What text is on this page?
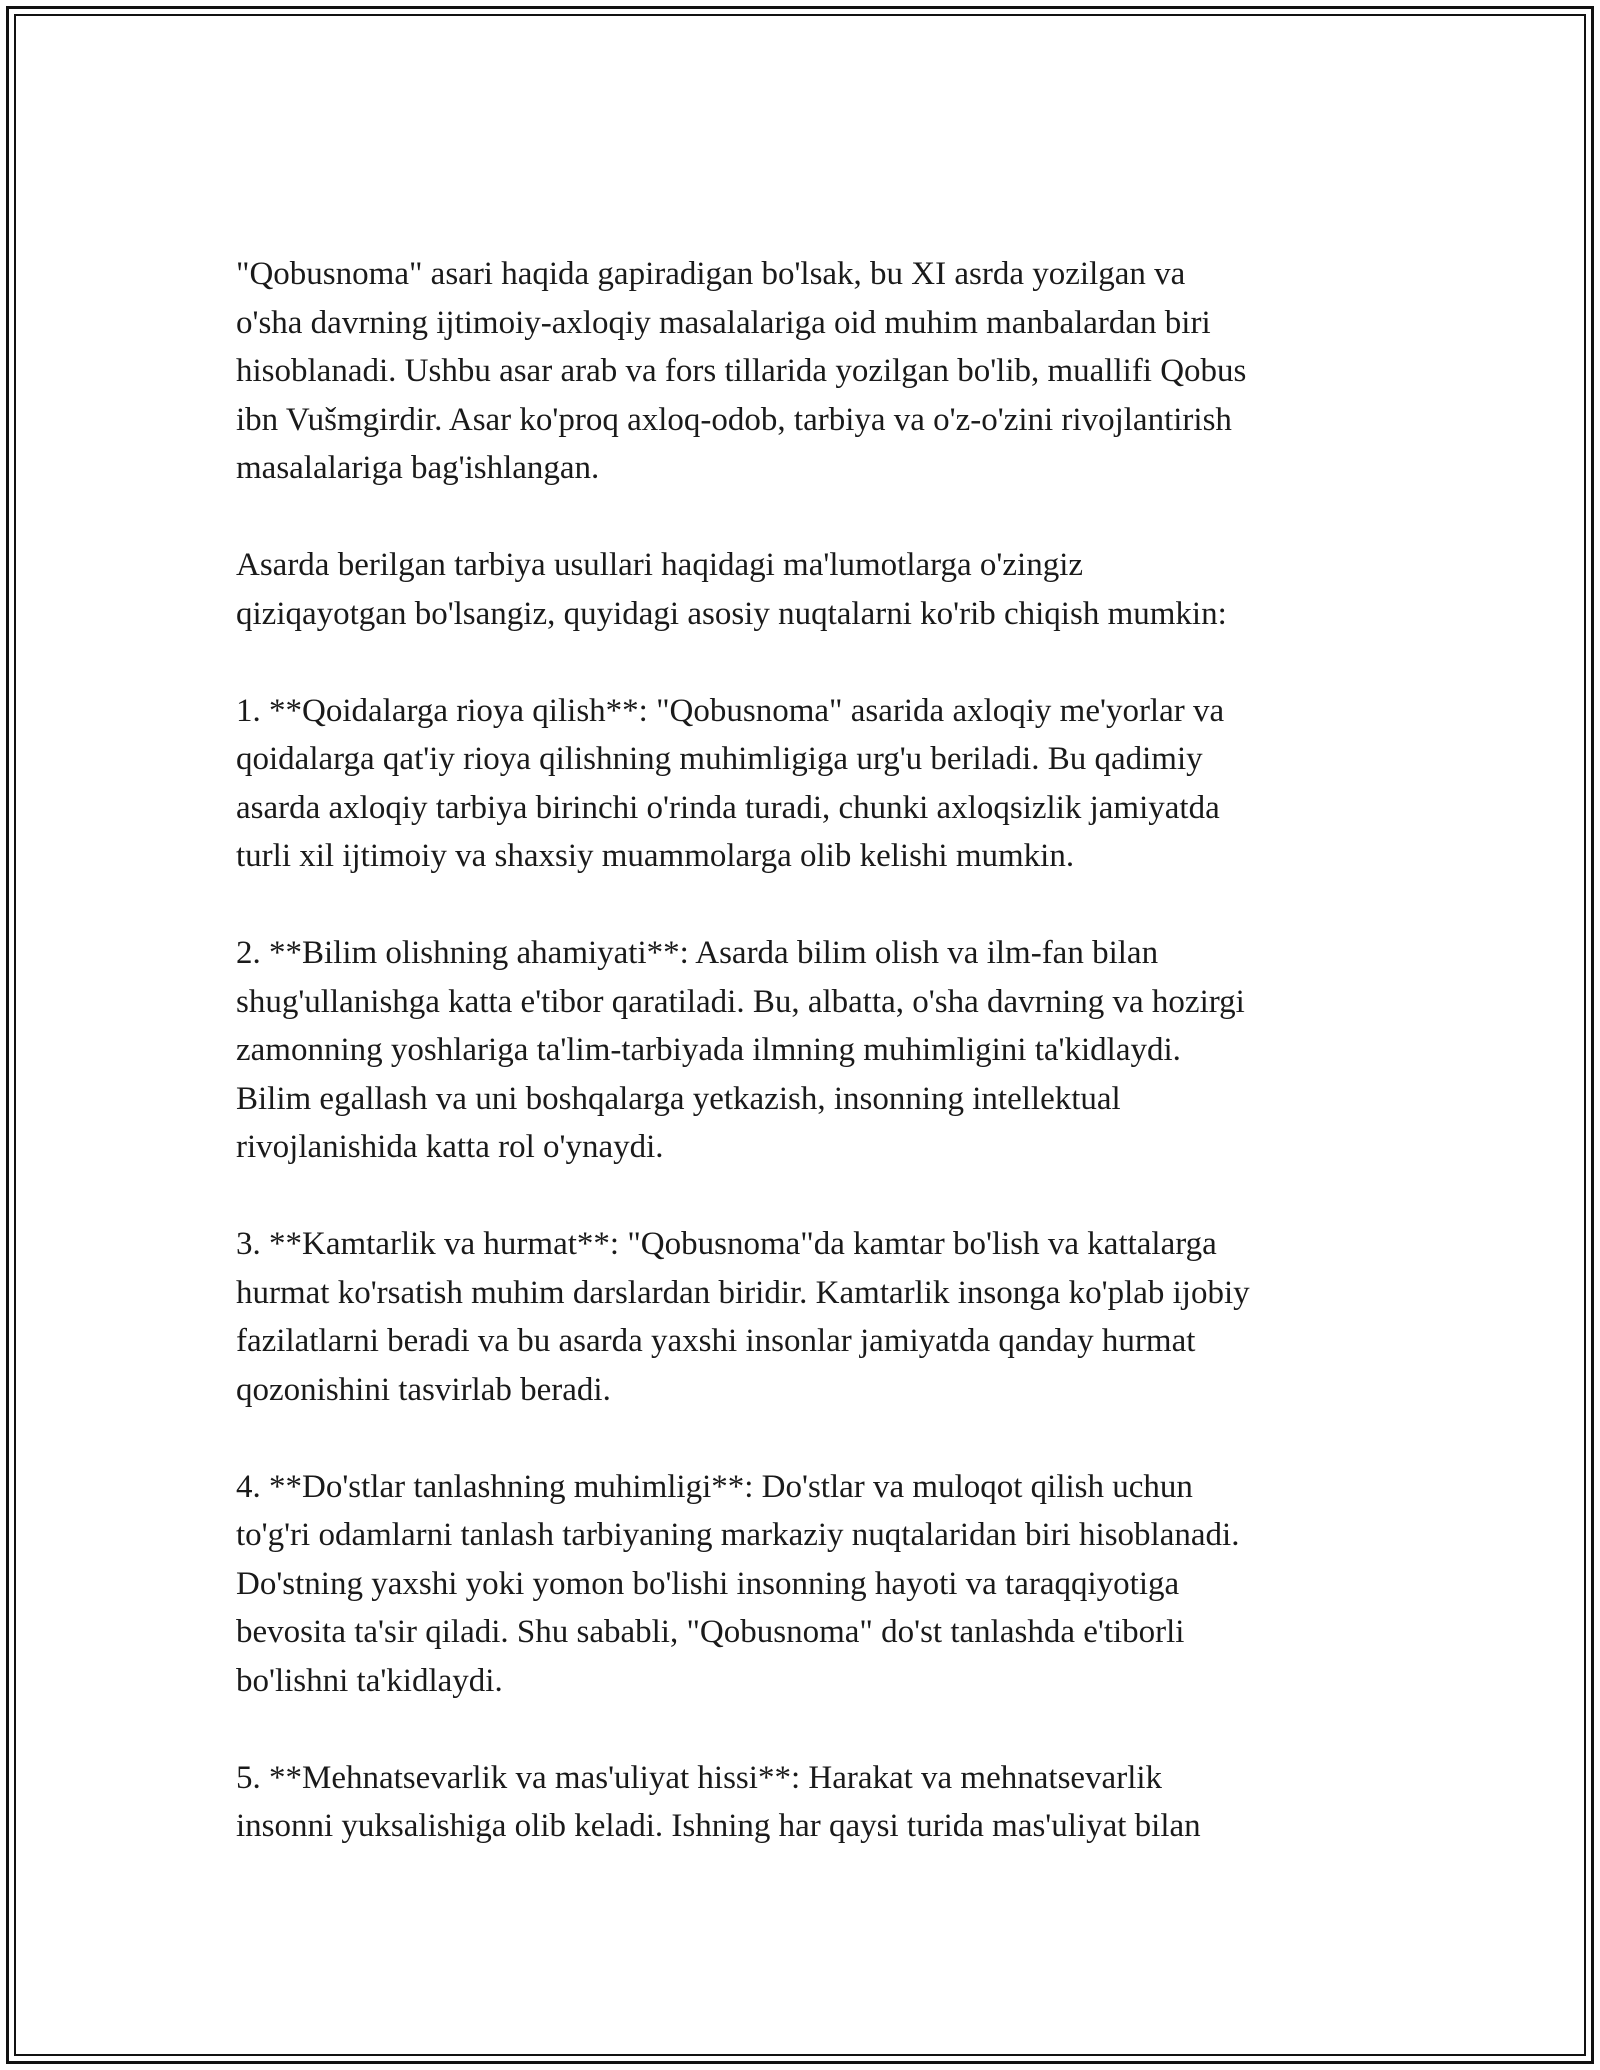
"Qobusnoma" asari haqida gapiradigan bo'lsak, bu XI asrda yozilgan va
o'sha davrning ijtimoiy-axloqiy masalalariga oid muhim manbalardan biri
hisoblanadi. Ushbu asar arab va fors tillarida yozilgan bo'lib, muallifi Qobus
ibn Vušmgirdir. Asar ko'proq axloq-odob, tarbiya va o'z-o'zini rivojlantirish
masalalariga bag'ishlangan.

Asarda berilgan tarbiya usullari haqidagi ma'lumotlarga o'zingiz
qiziqayotgan bo'lsangiz, quyidagi asosiy nuqtalarni ko'rib chiqish mumkin:

1. **Qoidalarga rioya qilish**: "Qobusnoma" asarida axloqiy me'yorlar va
qoidalarga qat'iy rioya qilishning muhimligiga urg'u beriladi. Bu qadimiy
asarda axloqiy tarbiya birinchi o'rinda turadi, chunki axloqsizlik jamiyatda
turli xil ijtimoiy va shaxsiy muammolarga olib kelishi mumkin.

2. **Bilim olishning ahamiyati**: Asarda bilim olish va ilm-fan bilan
shug'ullanishga katta e'tibor qaratiladi. Bu, albatta, o'sha davrning va hozirgi
zamonning yoshlariga ta'lim-tarbiyada ilmning muhimligini ta'kidlaydi.
Bilim egallash va uni boshqalarga yetkazish, insonning intellektual
rivojlanishida katta rol o'ynaydi.

3. **Kamtarlik va hurmat**: "Qobusnoma"da kamtar bo'lish va kattalarga
hurmat ko'rsatish muhim darslardan biridir. Kamtarlik insonga ko'plab ijobiy
fazilatlarni beradi va bu asarda yaxshi insonlar jamiyatda qanday hurmat
qozonishini tasvirlab beradi.

4. **Do'stlar tanlashning muhimligi**: Do'stlar va muloqot qilish uchun
to'g'ri odamlarni tanlash tarbiyaning markaziy nuqtalaridan biri hisoblanadi.
Do'stning yaxshi yoki yomon bo'lishi insonning hayoti va taraqqiyotiga
bevosita ta'sir qiladi. Shu sababli, "Qobusnoma" do'st tanlashda e'tiborli
bo'lishni ta'kidlaydi.

5. **Mehnatsevarlik va mas'uliyat hissi**: Harakat va mehnatsevarlik
insonni yuksalishiga olib keladi. Ishning har qaysi turida mas'uliyat bilan
